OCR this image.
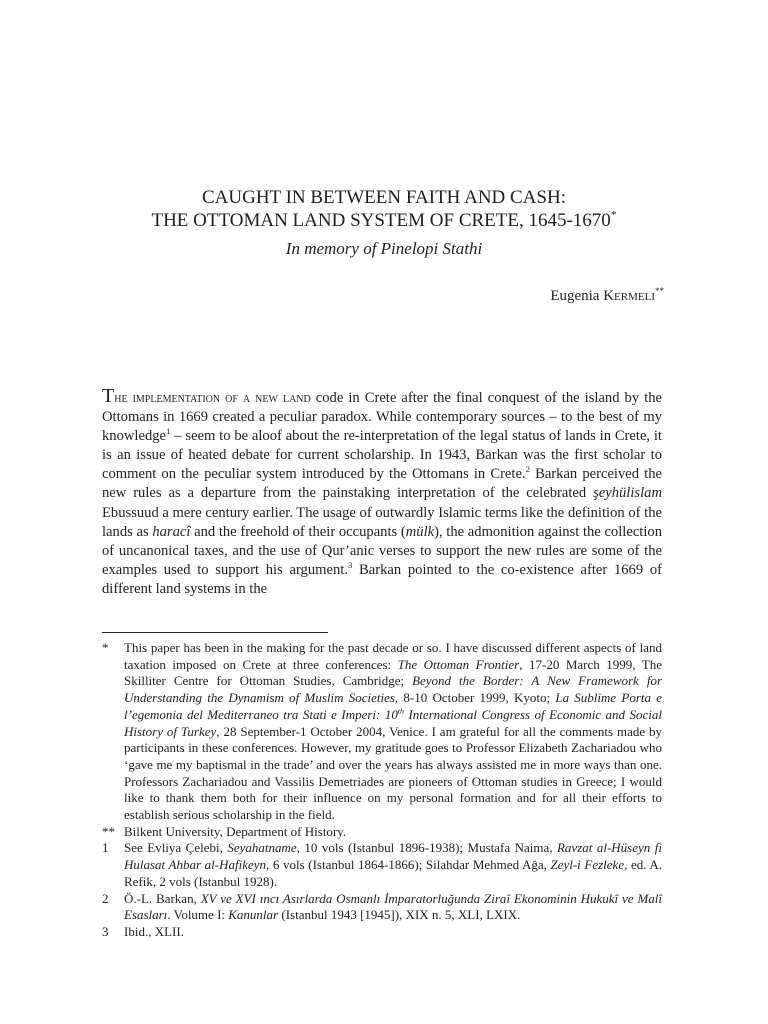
CAUGHT IN BETWEEN FAITH AND CASH:
THE OTTOMAN LAND SYSTEM OF CRETE, 1645-1670*
In memory of Pinelopi Stathi
Eugenia Kermeli**

The implementation of a new land code in Crete after the final conquest of the island by the Ottomans in 1669 created a peculiar paradox. While contemporary sources – to the best of my knowledge$^1$ – seem to be aloof about the re-interpretation of the legal status of lands in Crete, it is an issue of heated debate for current scholarship. In 1943, Barkan was the first scholar to comment on the peculiar system introduced by the Ottomans in Crete.$^2$ Barkan perceived the new rules as a departure from the painstaking interpretation of the celebrated şeyhülislam Ebussuud a mere century earlier. The usage of outwardly Islamic terms like the definition of the lands as haracî and the freehold of their occupants (mülk), the admonition against the collection of uncanonical taxes, and the use of Qur’anic verses to support the new rules are some of the examples used to support his argument.$^3$ Barkan pointed to the co-existence after 1669 of different land systems in the

*	This paper has been in the making for the past decade or so. I have discussed different aspects of land taxation imposed on Crete at three conferences: The Ottoman Frontier, 17-20 March 1999, The Skilliter Centre for Ottoman Studies, Cambridge; Beyond the Border: A New Framework for Understanding the Dynamism of Muslim Societies, 8-10 October 1999, Kyoto; La Sublime Porta e l’egemonia del Mediterraneo tra Stati e Imperi: 10th International Congress of Economic and Social History of Turkey, 28 September-1 October 2004, Venice. I am grateful for all the comments made by participants in these conferences. However, my gratitude goes to Professor Elizabeth Zachariadou who ‘gave me my baptismal in the trade’ and over the years has always assisted me in more ways than one. Professors Zachariadou and Vassilis Demetriades are pioneers of Ottoman studies in Greece; I would like to thank them both for their influence on my personal formation and for all their efforts to establish serious scholarship in the field.
** Bilkent University, Department of History.
1	See Evliya Çelebi, Seyahatname, 10 vols (Istanbul 1896-1938); Mustafa Naima, Ravzat al-Hüseyn fi Hulasat Ahbar al-Hafikeyn, 6 vols (Istanbul 1864-1866); Silahdar Mehmed Ağa, Zeyl-i Fezleke, ed. A. Refik, 2 vols (Istanbul 1928).
2	Ö.-L. Barkan, XV ve XVI ıncı Asırlarda Osmanlı İmparatorluğunda Ziraî Ekonominin Hukukî ve Malî Esasları. Volume I: Kanunlar (Istanbul 1943 [1945]), XIX n. 5, XLI, LXIX.
3	Ibid., XLII.
